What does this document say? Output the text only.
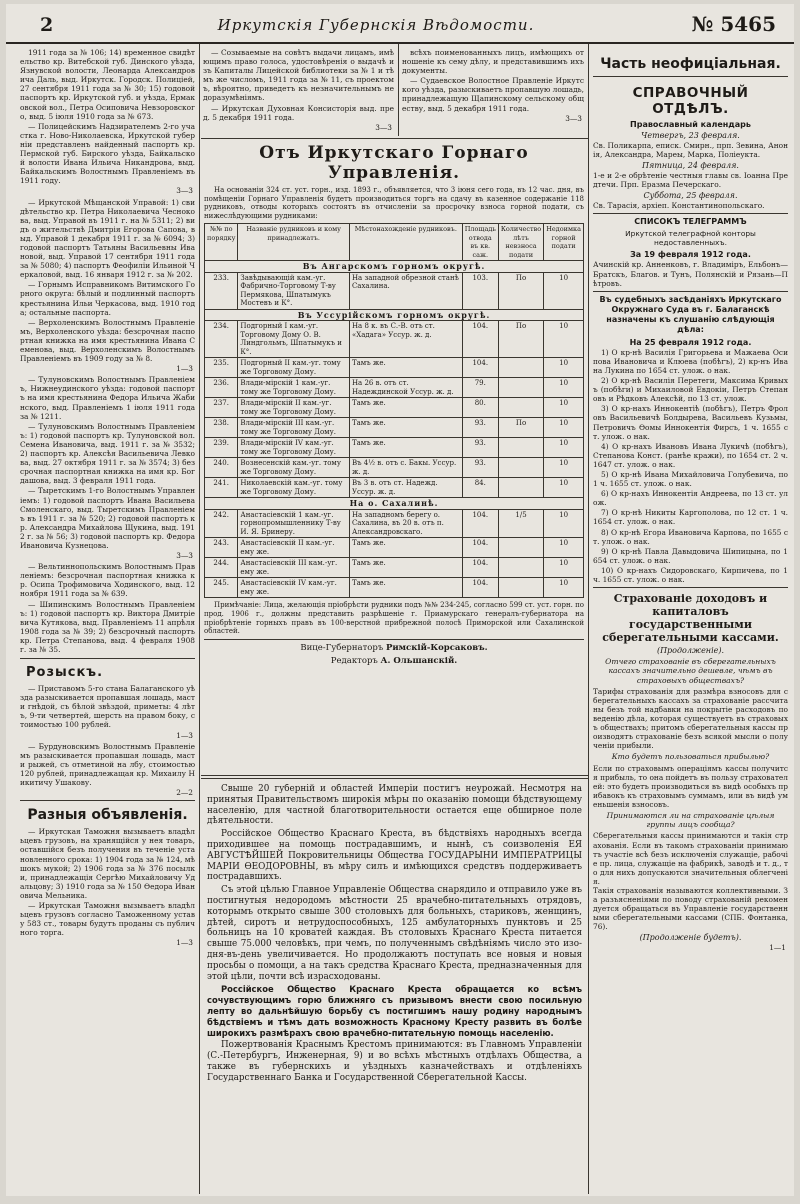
2	Иркутскія Губернскія Вѣдомости.	№ 5465
1911 года за № 106; 14) временное свидѣтельство кр. Витебской губ. Динского уѣзда, Язнувской волости, Леонарда Александровича Даль, выд. Иркутск. Городск. Полиціей, 27 сентября 1911 года за № 30; 15) годовой паспортъ кр. Иркутской губ. и уѣзда, Ермаковской вол., Петра Осиповича Невзоровского, выд. 5 іюля 1910 года за № 673.
— Полицейскимъ Надзирателемъ 2-го участка г. Ново-Николаевска, Иркутской губерніи представленъ найденный паспортъ кр. Пермской губ. Бирского уѣзда, Байкальской волости Ивана Ильича Никандрова, выд. Байкальскимъ Волостнымъ Правленіемъ въ 1911 году.
3—3
— Иркутской Мѣщанской Управой: 1) свидѣтельство кр. Петра Николаевича Чеснокова, выд. Управой въ 1911 г. на № 5311; 2) видъ о жительствѣ Дмитрія Егорова Сапова, выд. Управой 1 декабря 1911 г. за № 6094; 3) годовой паспортъ Татьяны Васильевны Ивановой, выд. Управой 17 сентября 1911 года за № 5080; 4) паспортъ Феофиліи Ильиной Черкаловой, выд. 16 января 1912 г. за № 202.
— Горнымъ Исправникомъ Витимского Горного округа: бѣлый и подлинный паспортъ крестьянина Ильи Черкасова, выд. 1910 года; остальные паспорта.
— Верхоленскимъ Волостнымъ Правленіемъ, Верхоленского уѣзда: безсрочная паспортная книжка на имя крестьянина Ивана Семенова, выд. Верхоленскимъ Волостнымъ Правленіемъ въ 1909 году за № 8.
1—3
— Тулуновскимъ Волостнымъ Правленіемъ, Нижнеудинского уѣзда: годовой паспортъ на имя крестьянина Федора Ильича Жабинского, выд. Правленіемъ 1 іюля 1911 года за № 1211.
— Тулуновскимъ Волостнымъ Правленіемъ: 1) годовой паспортъ кр. Тулуновской вол. Семена Ивановича, выд. 1911 г. за № 3532; 2) паспортъ кр. Алексѣя Васильевича Левкова, выд. 27 октября 1911 г. за № 3574; 3) безсрочная паспортная книжка на имя кр. Богдашова, выд. 3 февраля 1911 года.
— Тыретскимъ 1-го Волостнымъ Управленіемъ: 1) годовой паспортъ Ивана Васильева Смоленскаго, выд. Тыретскимъ Правленіемъ въ 1911 г. за № 520; 2) годовой паспортъ кр. Александра Михайлова Щукина, выд. 1912 г. за № 56; 3) годовой паспортъ кр. Федора Ивановича Кузнецова.
3—3
— Вельтиннопольскимъ Волостнымъ Правленіемъ: безсрочная паспортная книжка кр. Осипа Трофимовича Ходинского, выд. 12 ноября 1911 года за № 639.
— Шипинскимъ Волостнымъ Правленіемъ: 1) годовой паспортъ кр. Виктора Дмитріевича Кутякова, выд. Правленіемъ 11 апрѣля 1908 года за № 39; 2) безсрочный паспортъ кр. Петра Степанова, выд. 4 февраля 1908 г. за № 35.
Розыскъ.
— Приставомъ 5-го стана Балаганского уѣзда разыскивается пропавшая лошадь, масти гнѣдой, съ бѣлой звѣздой, приметы: 4 лѣтъ, 9-ти четвертей, шерсть на правом боку, стоимостью 100 рублей.
1—3
— Бурдуновскимъ Волостнымъ Правленіемъ разыскивается пропавшая лошадь, масти рыжей, съ отметиной на лбу, стоимостью 120 рублей, принадлежащая кр. Михаилу Никитичу Ушакову.
2—2
Разныя объявленія.
— Иркутская Таможня вызываетъ владѣльцевъ грузовъ, на хранящійся у нея товаръ, оставшійся безъ получения въ теченіе установленного срока: 1) 1904 года за № 124, мѣшокъ мукой; 2) 1906 года за № 376 посылки, принадлежащія Сергѣю Михайловичу Удальцову; 3) 1910 года за № 150 Ѳедора Ивановича Мельника.
— Иркутская Таможня вызываетъ владѣльцевъ грузовъ согласно Таможенному уставу 583 ст., товары будутъ проданы съ публичного торга.
1—3
— Созываемые на совѣтъ выдачи лицамъ, имѣющимъ право голоса, удостовѣренія о выдачѣ изъ Капиталы Лицейской библиотеки за № 1 и тѣмъ же числомъ, 1911 года за № 11, съ проектомъ, вѣроятно, приведетъ къ незначительнымъ недоразумѣніямъ.
— Иркутская Духовная Консисторія выд. пред. 5 декабря 1911 года.
3—3
всѣхъ поименованныхъ лицъ, имѣющихъ отношеніе къ сему дѣлу, и представившимъ ихъ документы.
— Судаевское Волостное Правленіе Иркутского уѣзда, разыскиваетъ пропавшую лошадь, принадлежащую Щапинскому сельскому обществу, выд. 5 декабря 1911 года.
3—3
Отъ Иркутскаго Горнаго Управленія.

На основаніи 324 ст. уст. горн., изд. 1893 г., объявляется, что 3 іюня сего года, въ 12 час. дня, въ помѣщеніи Горнаго Управленія будетъ производиться торгъ на сдачу въ казенное содержаніе 118 рудниковъ, отводы которыхъ состоятъ въ отчисленіи за просрочку взноса горной подати, съ нижеслѣдующими рудниками:

№№ по порядку	Названіе рудниковъ и кому принадлежатъ.	Мѣстонахожденіе рудниковъ.	Площадь отвода въ кв. саж.	Количество лѣтъ невзноса подати	Недоимка горной подати
Въ Ангарскомъ горномъ округѣ.					
233.	Завѣдывающій кам.-уг. Фабрично-Торговому Т-ву Пермякова, Шпатымукъ Мостевъ и К°.	На западной обрезной станѣ Сахалина.	103.	По	10
Въ Уссурійскомъ горномъ округѣ.					
234.	Подгорный I кам.-уг. Торговому Дому О. В. Линдгольмъ, Шпатымукъ и К°.	На 8 к. въ С.-В. отъ ст. «Хадага» Уссур. ж. д.	104.	По	10
235.	Подгорный II кам.-уг. тому же Торговому Дому.	Тамъ же.	104.		10
236.	Влади-мірскій 1 кам.-уг. тому же Торговому Дому.	На 26 в. отъ ст. Надеждинской Уссур. ж. д.	79.		10
237.	Влади-мірскій II кам.-уг. тому же Торговому Дому.	Тамъ же.	80.		10
238.	Влади-мірскій III кам.-уг. тому же Торговому Дому.	Тамъ же.	93.	По	10
239.	Влади-мірскій IV кам.-уг. тому же Торговому Дому.	Тамъ же.	93.		10
240.	Вознесенскій кам.-уг. тому же Торговому Дому.	Въ 4½ в. отъ с. Бакы. Уссур. ж. д.	93.		10
241.	Николаевскій кам.-уг. тому же Торговому Дому.	Въ 3 в. отъ ст. Надежд. Уссур. ж. д.	84.		10
На о. Сахалинѣ.					
242.	Анастасіевскій 1 кам.-уг. горнопромышленнику Т-ву И. Я. Бринеру.	На западномъ берегу о. Сахалина, въ 20 в. отъ п. Александровскаго.	104.	1/5	10
243.	Анастасіевскій II кам.-уг. ему же.	Тамъ же.	104.		10
244.	Анастасіевскій III кам.-уг. ему же.	Тамъ же.	104.		10
245.	Анастасіевскій IV кам.-уг. ему же.	Тамъ же.	104.		10

Примѣчаніе: Лица, желающія пріобрѣсти рудники подъ №№ 234-245, согласно 599 ст. уст. горн. по прод. 1906 г., должны представить разрѣшеніе г. Приамурскаго генералъ-губернатора на пріобрѣтеніе горныхъ правъ въ 100-верстной прибрежной полосѣ Приморской или Сахалинской областей.

Вице-Губернаторъ Римскій-Корсаковъ.
Редакторъ А. Ольшанскій.
Свыше 20 губерній и областей Имперіи постигъ неурожай. Несмотря на принятыя Правительствомъ широкія мѣры по оказанію помощи бѣдствующему населенію, для частной благотворительности остается еще обширное поле дѣятельности.
Россійское Общество Краснаго Креста, въ бѣдствіяхъ народныхъ всегда приходившее на помощь пострадавшимъ, и нынѣ, съ соизволенія ЕЯ АВГУСТѢЙШЕЙ Покровительницы Общества ГОСУДАРЫНИ ИМПЕРАТРИЦЫ МАРІИ ѲЕОДОРОВНЫ, въ мѣру силъ и имѣющихся средствъ поддерживаетъ пострадавшихъ.
Съ этой цѣлью Главное Управленіе Общества снарядило и отправило уже въ постигнутыя недородомъ мѣстности 25 врачебно-питательныхъ отрядовъ, которымъ открыто свыше 300 столовыхъ для больныхъ, стариковъ, женщинъ, дѣтей, сиротъ и нетрудоспособныхъ, 125 амбулаторныхъ пунктовъ и 25 больницъ на 10 кроватей каждая. Въ столовыхъ Краснаго Креста питается свыше 75.000 человѣкъ, при чемъ, по полученнымъ свѣдѣніямъ число это изо-дня-въ-день увеличивается. Но продолжаютъ поступать все новыя и новыя просьбы о помощи, а на такъ средства Краснаго Креста, предназначенныя для этой цѣли, почти всѣ израсходованы.
Россійское Общество Краснаго Креста обращается ко всѣмъ сочувствующимъ горю ближняго съ призывомъ внести свою посильную лепту во дальнѣйшую борьбу съ постигшимъ нашу родину народнымъ бѣдствіемъ и тѣмъ дать возможность Красному Кресту развить въ болѣе широкихъ размѣрахъ свою врачебно-питательную помощь населенію.
Пожертвованія Краснымъ Крестомъ принимаются: въ Главномъ Управленіи (С.-Петербургъ, Инженерная, 9) и во всѣхъ мѣстныхъ отдѣлахъ Общества, а также въ губернскихъ и уѣздныхъ казначействахъ и отдѣленіяхъ Государственнаго Банка и Государственной Сберегательной Кассы.
Часть неофиціальная.
СПРАВОЧНЫЙ ОТДѢЛЪ.
Православный календарь
Четвергъ, 23 февраля.

Св. Поликарпа, еписк. Смирн., прп. Зевина, Анонія, Александра, Мареы, Марка, Поліеукта.

Пятница, 24 февраля.

1-е и 2-е обрѣтеніе честныя главы св. Іоанна Предтечи. Прп. Еразма Печерскаго.

Суббота, 25 февраля.

Св. Тарасія, архіеп. Константинопольскаго.

СПИСОКЪ ТЕЛЕГРАММЪ
Иркутской телеграфной конторы недоставленныхъ.
За 19 февраля 1912 года.

Ачинскій кр. Анненковъ, г. Владиміръ, Ельбонъ—Братскъ, Благов. и Тунъ, Полянскій и Рязань—Пѣтровъ.

Въ судебныхъ засѣданіяхъ Иркутскаго Окружнаго Суда въ г. Балаганскѣ назначены къ слушанію слѣдующія дѣла:
На 25 февраля 1912 года.
1) О кр-нѣ Василія Григорьева и Мажаева Осипова Ивановича и Клюева (побѣгъ), 2) кр-нъ Ивана Лукина по 1654 ст. улож. о нак.
2) О кр-нѣ Василія Перетеги, Максима Кривыхъ (побѣги) и Михаиловой Евдокіи, Петръ Степановъ и Рѣдковъ Алексѣй, по 13 ст. улож.
3) О кр-нахъ Иннокентіѣ (побѣгъ), Петръ Фроловъ Васильевичѣ Болдырева, Васильевъ Кузьмы, Петровичъ Ѳомы Иннокентія Фирсъ, 1 ч. 1655 ст. улож. о нак.
4) О кр-нахъ Ивановъ Ивана Лукичѣ (побѣгъ), Степанова Конст. (ранѣе кражи), по 1654 ст. 2 ч. 1647 ст. улож. о нак.
5) О кр-нѣ Ивана Михайловича Голубевича, по 1 ч. 1655 ст. улож. о нак.
6) О кр-нахъ Иннокентія Андреева, по 13 ст. улож.
7) О кр-нѣ Никиты Каргополова, по 12 ст. 1 ч. 1654 ст. улож. о нак.
8) О кр-нѣ Егора Ивановича Карпова, по 1655 ст. улож. о нак.
9) О кр-нѣ Павла Давыдовича Шипицына, по 1654 ст. улож. о нак.
10) О кр-нахъ Сидоровскаго, Кирпичева, по 1 ч. 1655 ст. улож. о нак.
Страхованіе доходовъ и капиталовъ государственными сберегательными кассами.
(Продолженіе).
Отчего страхованіе въ сберегательныхъ кассахъ значительно дешевле, чѣмъ въ страховыхъ обществахъ?

Тарифы страхованія для размѣра взносовъ для сберегательныхъ кассахъ за страхованіе рассчитаны безъ той надбавки на покрытіе расходовъ по веденію дѣла, которая существуетъ въ страховыхъ обществахъ; притомъ сберегательныя кассы производятъ страхованіе безъ всякой мысли о полученіи прибыли.

Кто будетъ пользоваться прибылью?

Если по страховымъ операціямъ кассы получится прибыль, то она пойдетъ въ пользу страхователей: это будетъ производиться въ видѣ особыхъ прибавокъ къ страховымъ суммамъ, или въ видѣ уменьшенія взносовъ.

Принимаются ли на страхованіе цѣлыя группы лицъ сообща?

Сберегательныя кассы принимаются и такія страхованія. Если въ такомъ страхованіи принимаютъ участіе всѣ безъ исключенія служащіе, рабочіе пр. лица, служащіе на фабрикѣ, заводѣ и т. д., то для нихъ допускаются значительныя облегченія.

Такія страхованія называются коллективными. За разъясненіями по поводу страхованій рекомендуется обращаться въ Управленіе государственными сберегательными кассами (СПБ. Фонтанка, 76).

(Продолженіе будетъ).
1—1
